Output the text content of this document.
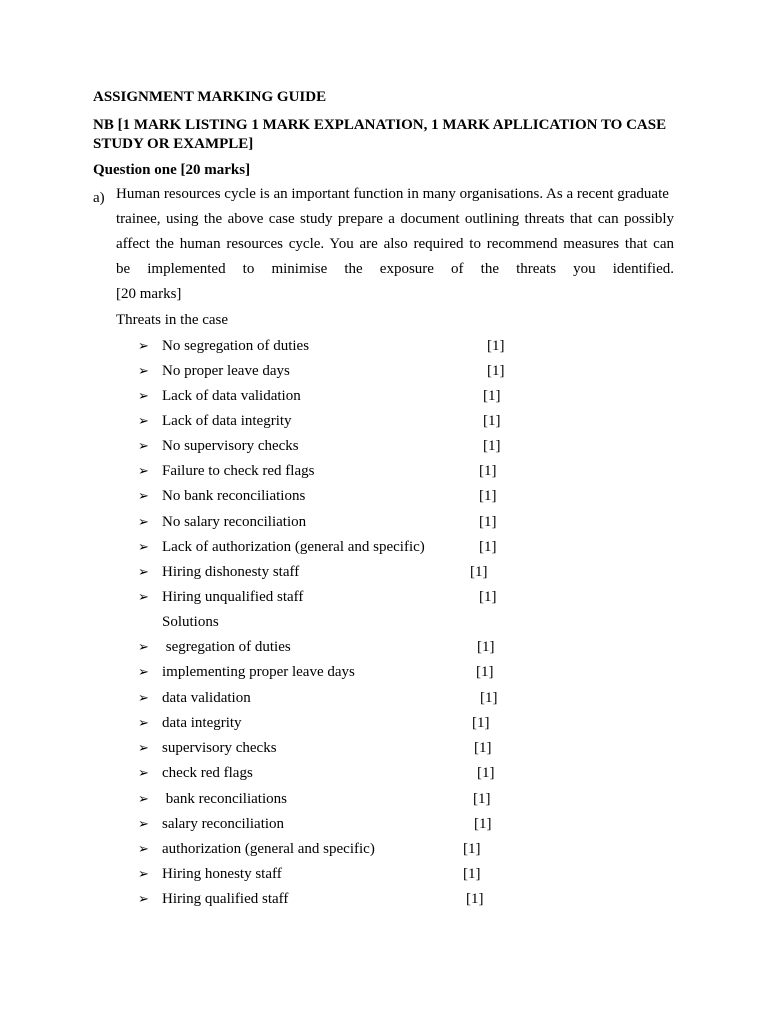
ASSIGNMENT MARKING GUIDE
NB [1 MARK LISTING 1 MARK EXPLANATION, 1 MARK APLLICATION TO CASE STUDY OR EXAMPLE]
Question one [20 marks]
a) Human resources cycle is an important function in many organisations. As a recent graduate
trainee, using the above case study prepare a document outlining threats that can possibly
affect the human resources cycle. You are also required to recommend measures that can
be implemented to minimise the exposure of the threats you identified.
[20 marks]
Threats in the case
➢ No segregation of duties	[1]
➢ No proper leave days	[1]
➢ Lack of data validation	[1]
➢ Lack of data integrity	[1]
➢ No supervisory checks	[1]
➢ Failure to check red flags	[1]
➢ No bank reconciliations	[1]
➢ No salary reconciliation	[1]
➢ Lack of authorization (general and specific)	[1]
➢ Hiring dishonesty staff	[1]
➢ Hiring unqualified staff	[1]
Solutions
➢ segregation of duties	[1]
➢ implementing proper leave days	[1]
➢ data validation	[1]
➢ data integrity	[1]
➢ supervisory checks	[1]
➢ check red flags	[1]
➢ bank reconciliations	[1]
➢ salary reconciliation	[1]
➢ authorization (general and specific)	[1]
➢ Hiring honesty staff	[1]
➢ Hiring qualified staff	[1]
